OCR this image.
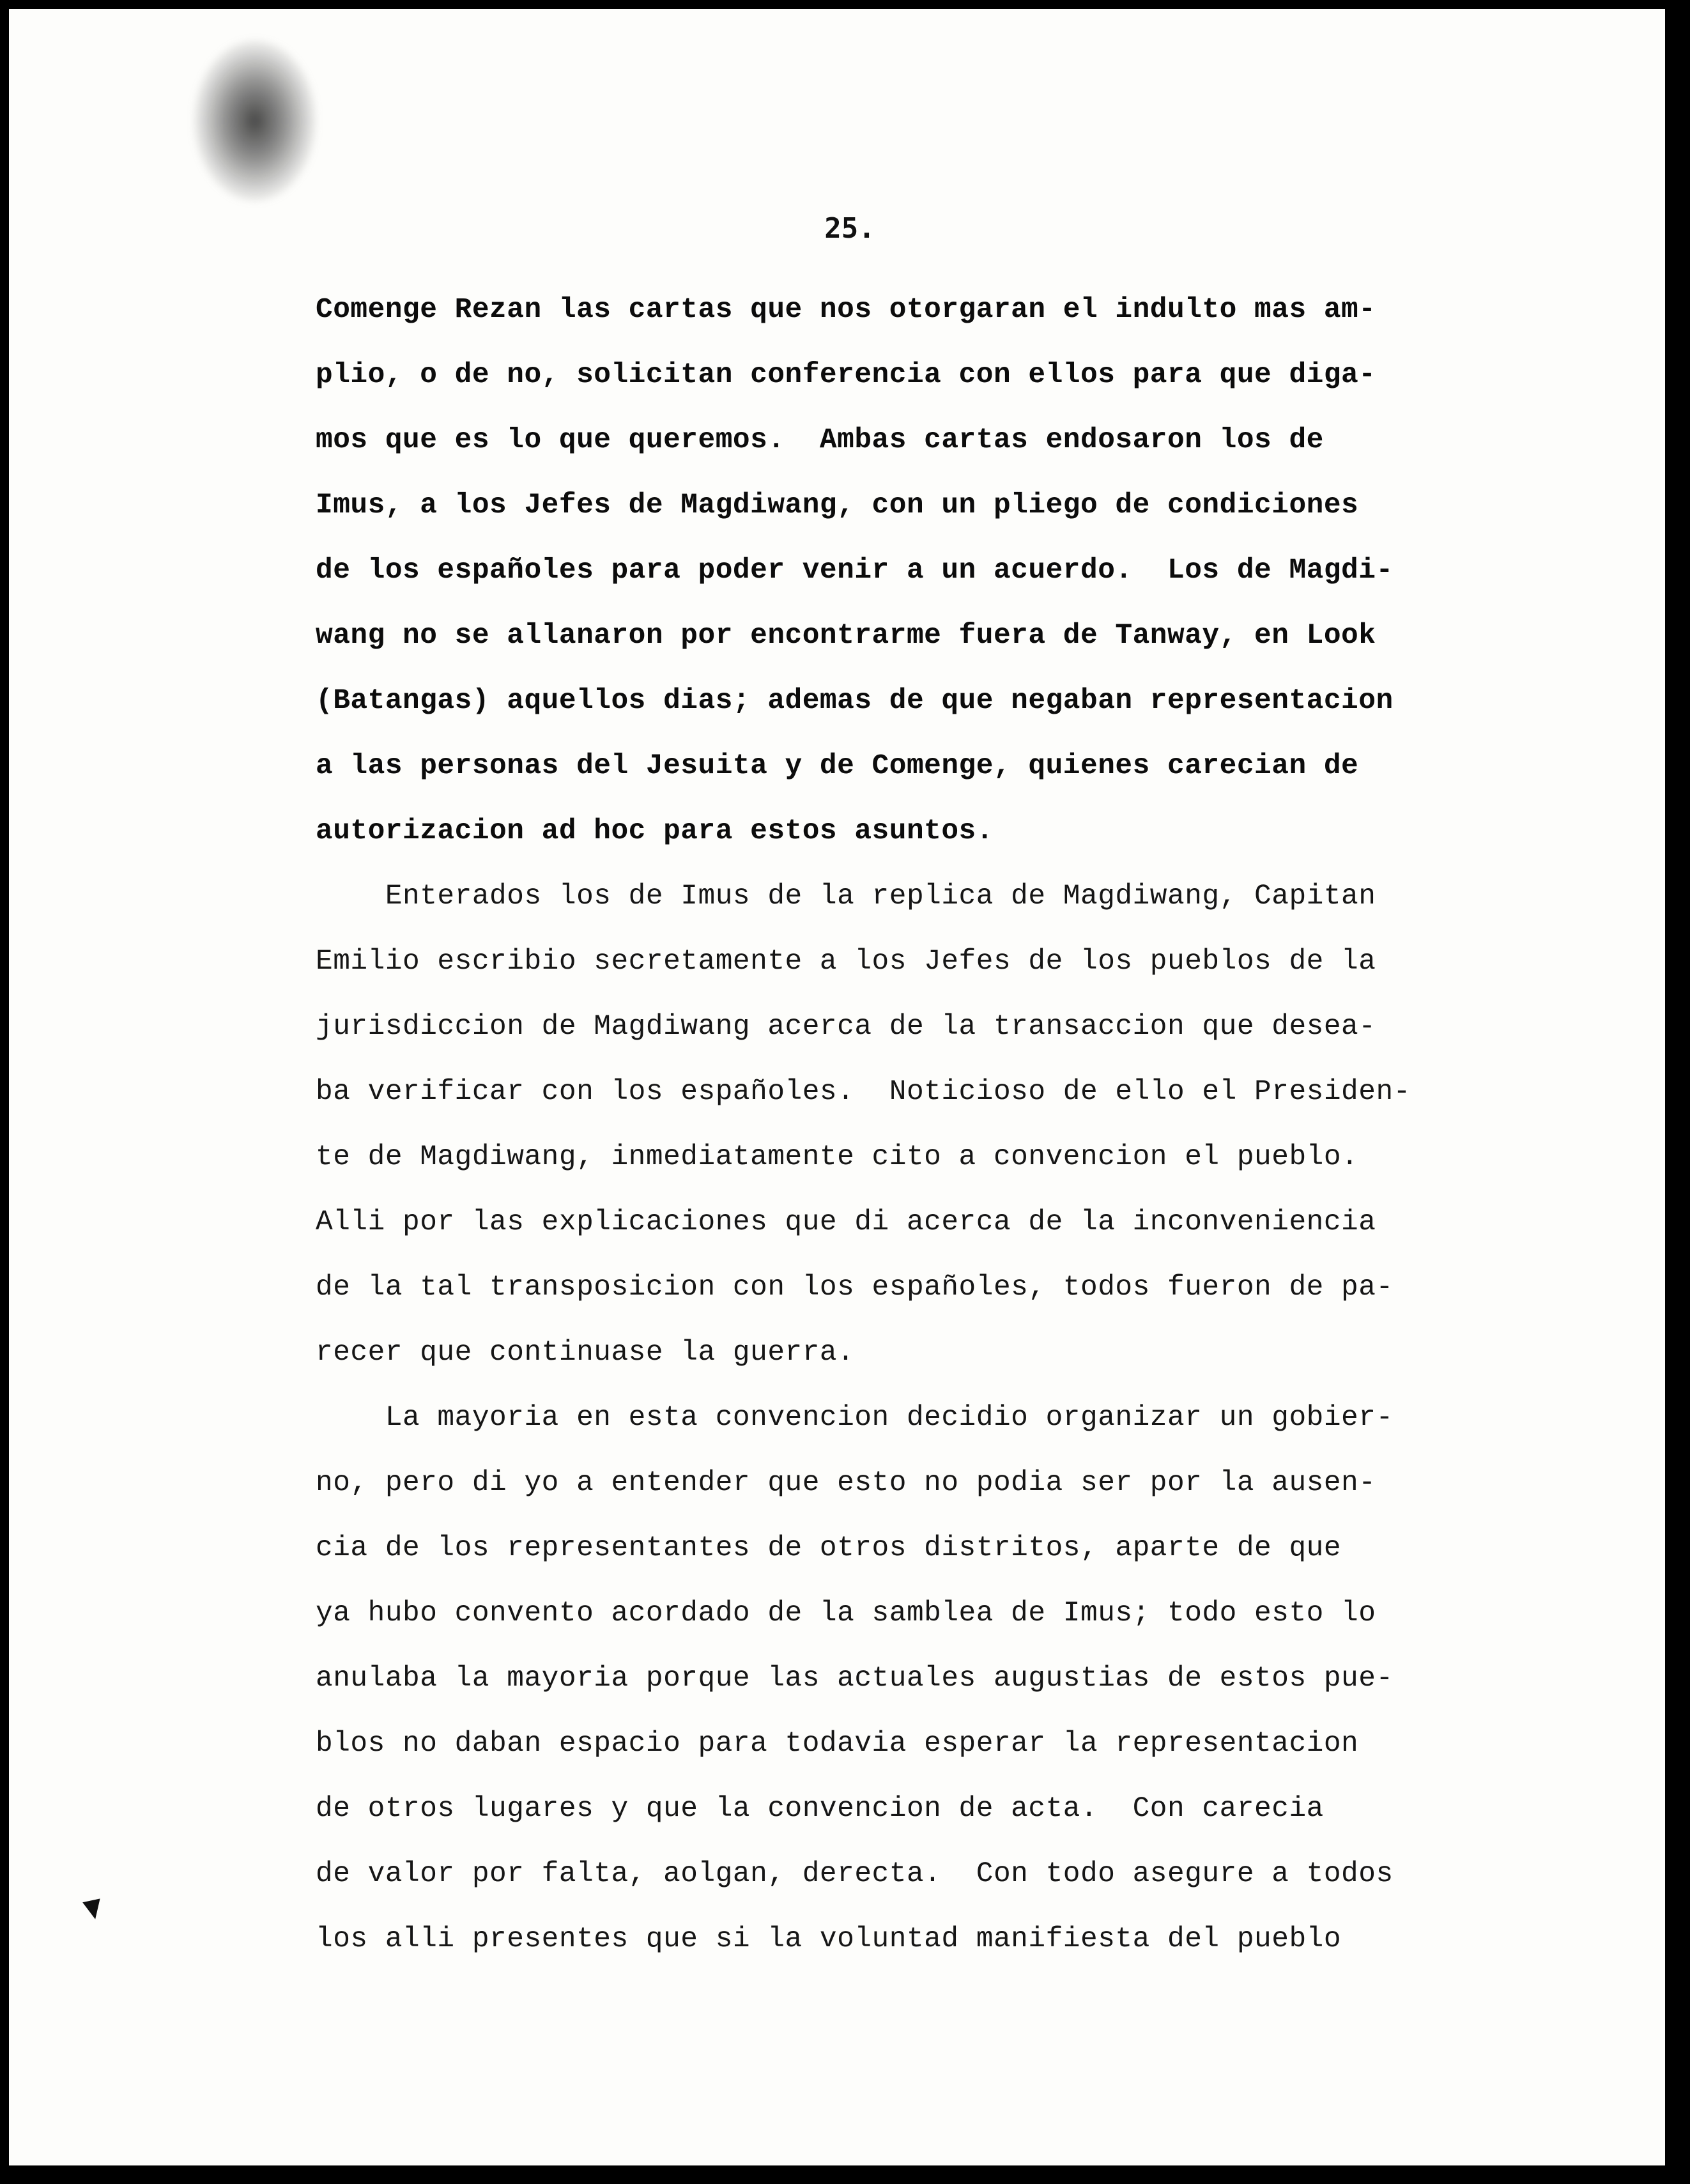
25.
Comenge Rezan las cartas que nos otorgaran el indulto mas am-
plio, o de no, solicitan conferencia con ellos para que diga-
mos que es lo que queremos.  Ambas cartas endosaron los de
Imus, a los Jefes de Magdiwang, con un pliego de condiciones
de los españoles para poder venir a un acuerdo.  Los de Magdi-
wang no se allanaron por encontrarme fuera de Tanway, en Look
(Batangas) aquellos dias; ademas de que negaban representacion
a las personas del Jesuita y de Comenge, quienes carecian de
autorizacion ad hoc para estos asuntos.
Enterados los de Imus de la replica de Magdiwang, Capitan
Emilio escribio secretamente a los Jefes de los pueblos de la
jurisdiccion de Magdiwang acerca de la transaccion que desea-
ba verificar con los españoles.  Noticioso de ello el Presiden-
te de Magdiwang, inmediatamente cito a convencion el pueblo.
Alli por las explicaciones que di acerca de la inconveniencia
de la tal transposicion con los españoles, todos fueron de pa-
recer que continuase la guerra.
La mayoria en esta convencion decidio organizar un gobier-
no, pero di yo a entender que esto no podia ser por la ausen-
cia de los representantes de otros distritos, aparte de que
ya hubo convento acordado de la samblea de Imus; todo esto lo
anulaba la mayoria porque las actuales augustias de estos pue-
blos no daban espacio para todavia esperar la representacion
de otros lugares y que la convencion de acta.  Con carecia
de valor por falta, aolgan, derecta.  Con todo asegure a todos
los alli presentes que si la voluntad manifiesta del pueblo
